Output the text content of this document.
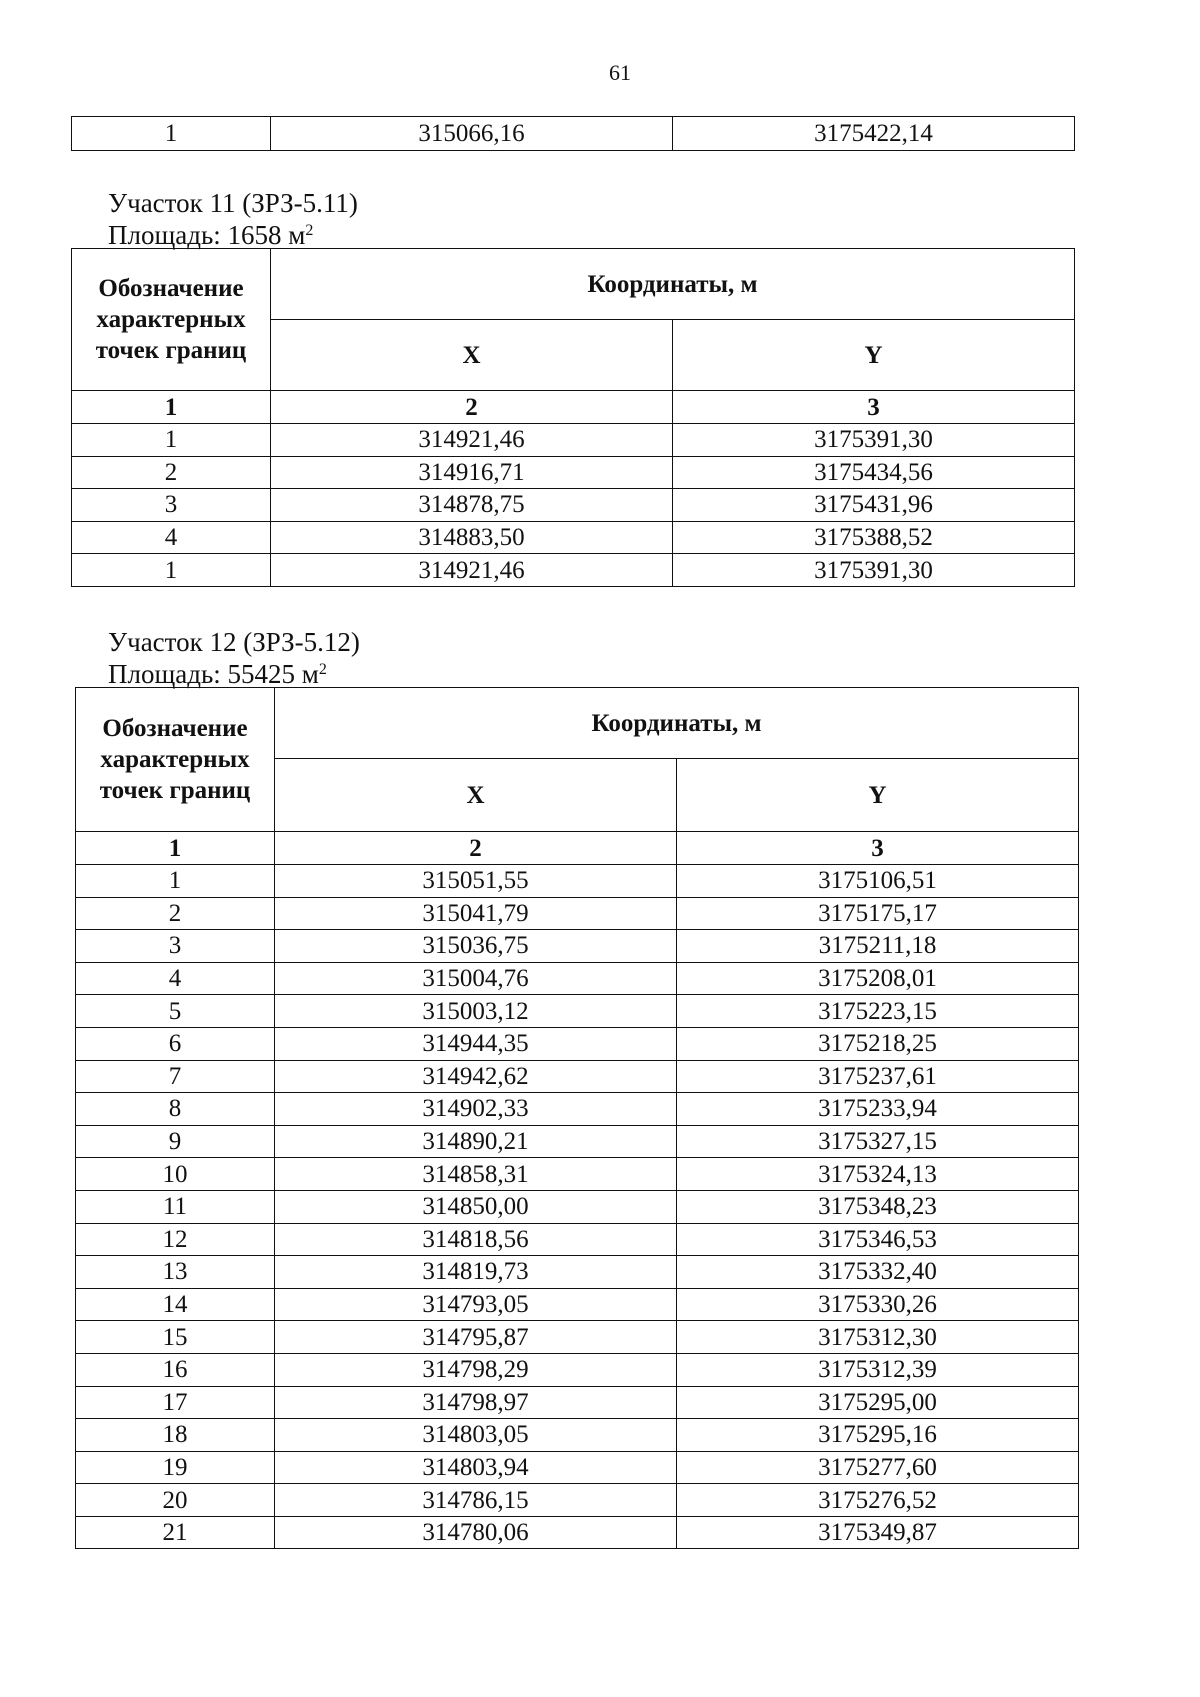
61
1	315066,16	3175422,14
Участок 11 (ЗРЗ-5.11)
Площадь: 1658 $м^2$
Обозначение характерных точек границ	Координаты, м	
	X	Y
1	2	3
1	314921,46	3175391,30
2	314916,71	3175434,56
3	314878,75	3175431,96
4	314883,50	3175388,52
1	314921,46	3175391,30
Участок 12 (ЗРЗ-5.12)
Площадь: 55425 $м^2$
Обозначение характерных точек границ	Координаты, м	
	X	Y
1	2	3
1	315051,55	3175106,51
2	315041,79	3175175,17
3	315036,75	3175211,18
4	315004,76	3175208,01
5	315003,12	3175223,15
6	314944,35	3175218,25
7	314942,62	3175237,61
8	314902,33	3175233,94
9	314890,21	3175327,15
10	314858,31	3175324,13
11	314850,00	3175348,23
12	314818,56	3175346,53
13	314819,73	3175332,40
14	314793,05	3175330,26
15	314795,87	3175312,30
16	314798,29	3175312,39
17	314798,97	3175295,00
18	314803,05	3175295,16
19	314803,94	3175277,60
20	314786,15	3175276,52
21	314780,06	3175349,87
